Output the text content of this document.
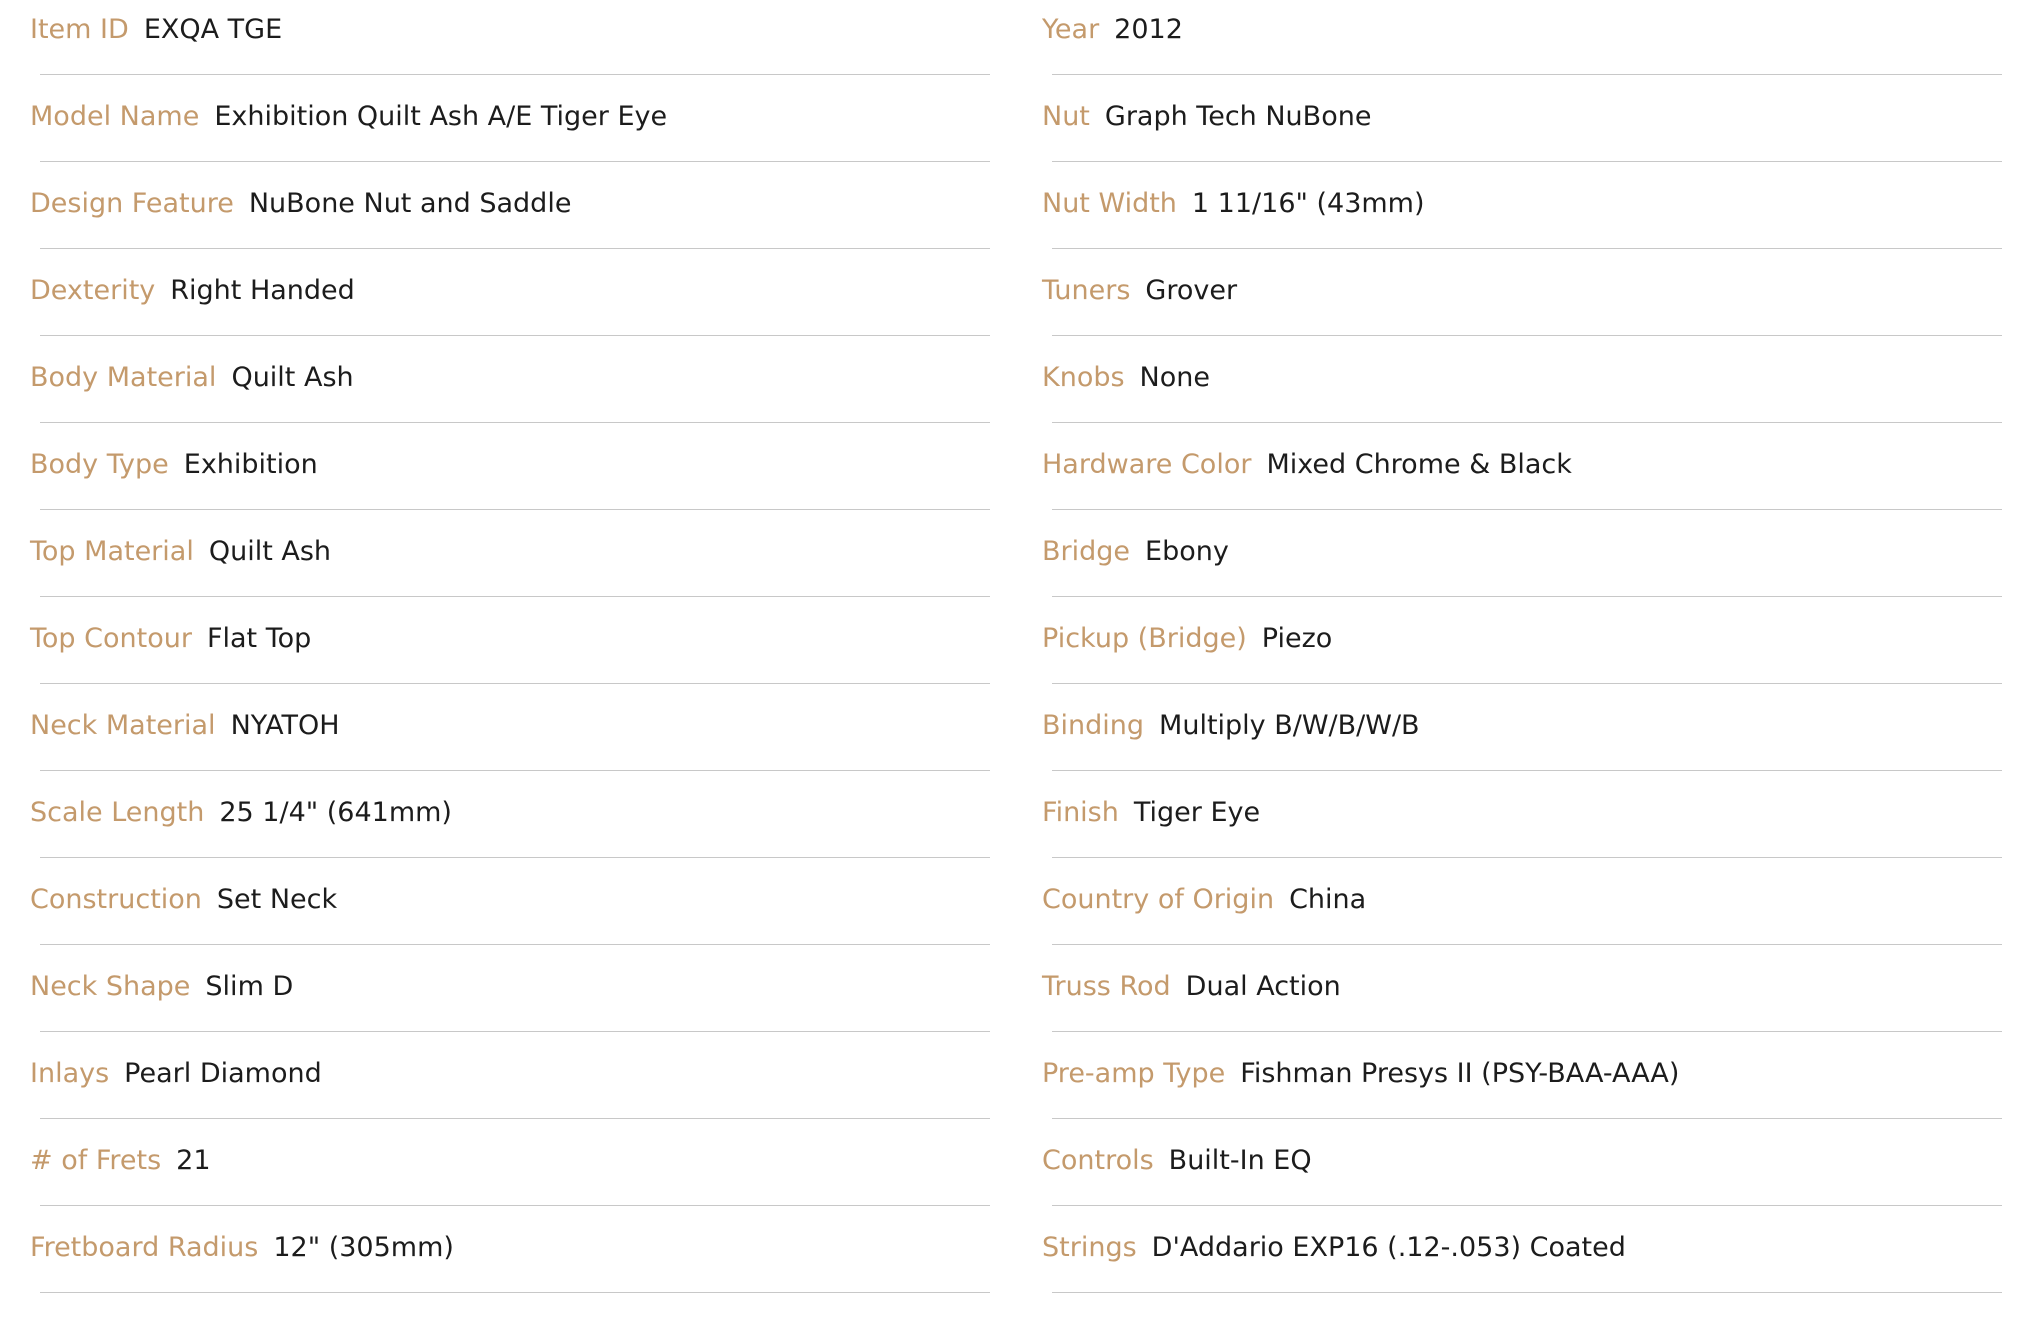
Item ID EXQA TGE
Model Name Exhibition Quilt Ash A/E Tiger Eye
Design Feature NuBone Nut and Saddle
Dexterity Right Handed
Body Material Quilt Ash
Body Type Exhibition
Top Material Quilt Ash
Top Contour Flat Top
Neck Material NYATOH
Scale Length 25 1/4" (641mm)
Construction Set Neck
Neck Shape Slim D
Inlays Pearl Diamond
# of Frets 21
Fretboard Radius 12" (305mm)
Year 2012
Nut Graph Tech NuBone
Nut Width 1 11/16" (43mm)
Tuners Grover
Knobs None
Hardware Color Mixed Chrome & Black
Bridge Ebony
Pickup (Bridge) Piezo
Binding Multiply B/W/B/W/B
Finish Tiger Eye
Country of Origin China
Truss Rod Dual Action
Pre-amp Type Fishman Presys II (PSY-BAA-AAA)
Controls Built-In EQ
Strings D'Addario EXP16 (.12-.053) Coated
